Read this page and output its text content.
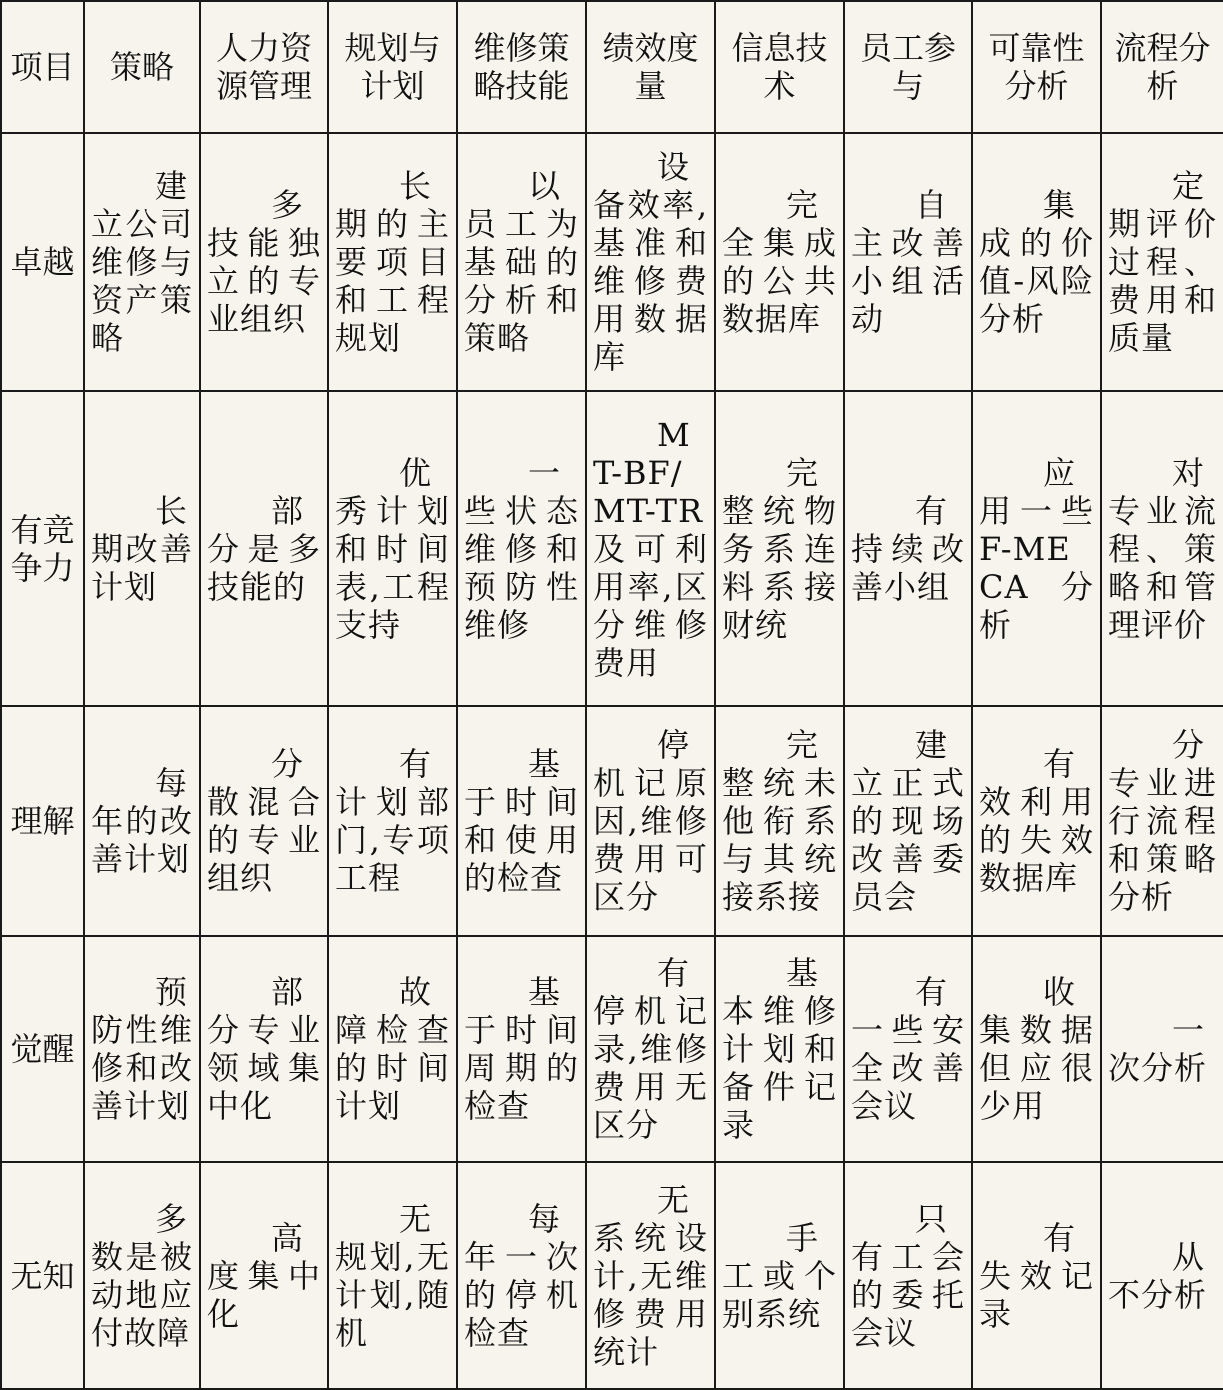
项目	策略	人力资源管理	规划与计划	维修策略技能	绩效度量	信息技术	员工参与	可靠性分析	流程分析
卓越	建立公司维修与资产策略	多技能独立的专业组织	长期的主要项目和工程规划	以员工为基础的分析和策略	设备效率,基准和维修费用数据库	完全集成的公共数据库	自主改善小组活动	集成的价值-风险分析	定期评价过程、费用和质量
有竞争力	长期改善计划	部分是多技能的	优秀计划和时间表,工程支持	一些状态维修和预防性维修	MT-BF/MT-TR及可利用率,区分维修费用	完整统物务系连料系接财统	有持续改善小组	应用一些F-MECA分析	对专业流程、策略和管理评价
理解	每年的改善计划	分散混合的专业组织	有计划部门,专项工程	基于时间和使用的检查	停机记原因,维修费用可区分	完整统未他衔系与其统接系接	建立正式的现场改善委员会	有效利用的失效数据库	分专业进行流程和策略分析
觉醒	预防性维修和改善计划	部分专业领域集中化	故障检查的时间计划	基于时间周期的检查	有停机记录,维修费用无区分	基本维修计划和备件记录	有一些安全改善会议	收集数据但应很少用	一次分析
无知	多数是被动地应付故障	高度集中化	无规划,无计划,随机	每年一次的停机检查	无系统设计,无维修费用统计	手工或个别系统	只有工会的委托会议	有失效记录	从不分析
